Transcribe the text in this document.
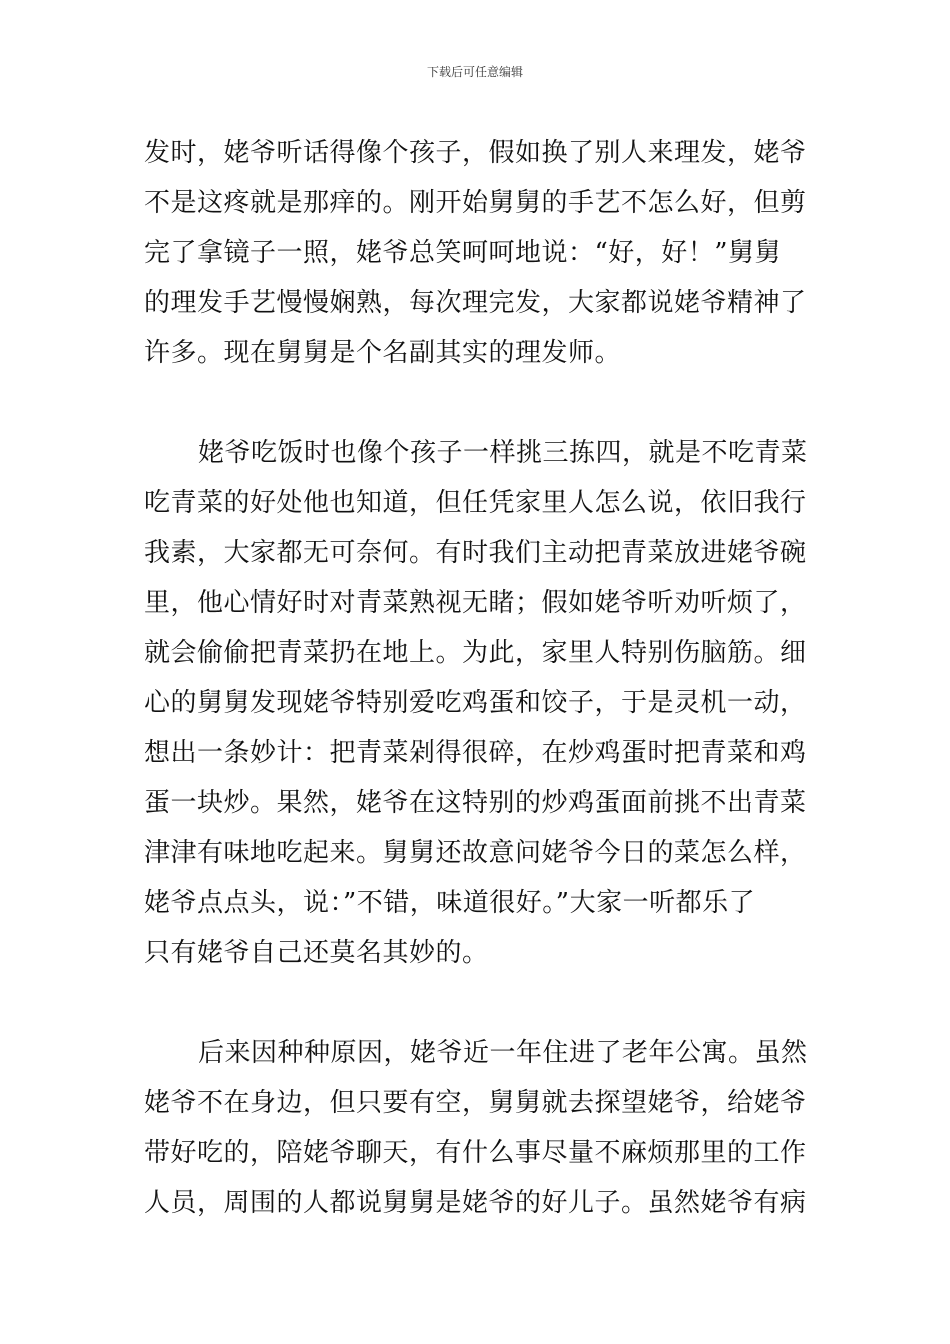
下载后可任意编辑
发时，姥爷听话得像个孩子，假如换了别人来理发，姥爷
不是这疼就是那痒的。刚开始舅舅的手艺不怎么好，但剪
完了拿镜子一照，姥爷总笑呵呵地说：“好，好！”舅舅
的理发手艺慢慢娴熟，每次理完发，大家都说姥爷精神了
许多。现在舅舅是个名副其实的理发师。
姥爷吃饭时也像个孩子一样挑三拣四，就是不吃青菜
吃青菜的好处他也知道，但任凭家里人怎么说，依旧我行
我素，大家都无可奈何。有时我们主动把青菜放进姥爷碗
里，他心情好时对青菜熟视无睹；假如姥爷听劝听烦了，
就会偷偷把青菜扔在地上。为此，家里人特别伤脑筋。细
心的舅舅发现姥爷特别爱吃鸡蛋和饺子，于是灵机一动，
想出一条妙计：把青菜剁得很碎，在炒鸡蛋时把青菜和鸡
蛋一块炒。果然，姥爷在这特别的炒鸡蛋面前挑不出青菜
津津有味地吃起来。舅舅还故意问姥爷今日的菜怎么样，
姥爷点点头，说：”不错，味道很好。”大家一听都乐了
只有姥爷自己还莫名其妙的。
后来因种种原因，姥爷近一年住进了老年公寓。虽然
姥爷不在身边，但只要有空，舅舅就去探望姥爷，给姥爷
带好吃的，陪姥爷聊天，有什么事尽量不麻烦那里的工作
人员，周围的人都说舅舅是姥爷的好儿子。虽然姥爷有病
